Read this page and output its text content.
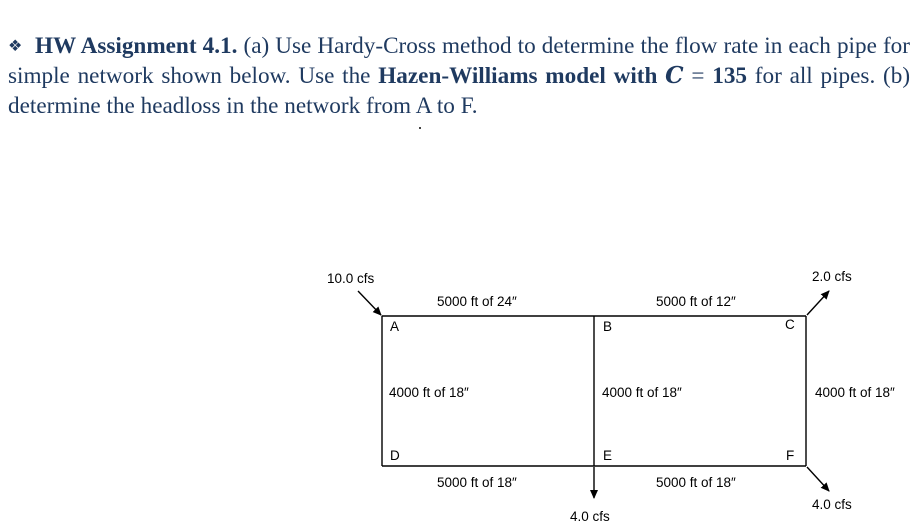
❖ HW Assignment 4.1. (a) Use Hardy-Cross method to determine the flow rate in each pipe for simple network shown below. Use the Hazen-Williams model with C = 135 for all pipes. (b) determine the headloss in the network from A to F.

10.0 cfs	2.0 cfs
4.0 cfs
4.0 cfs
5000 ft of 24″	5000 ft of 12″
4000 ft of 18″	4000 ft of 18″	4000 ft of 18″
5000 ft of 18″	5000 ft of 18″
A	B	C
D	E	F
